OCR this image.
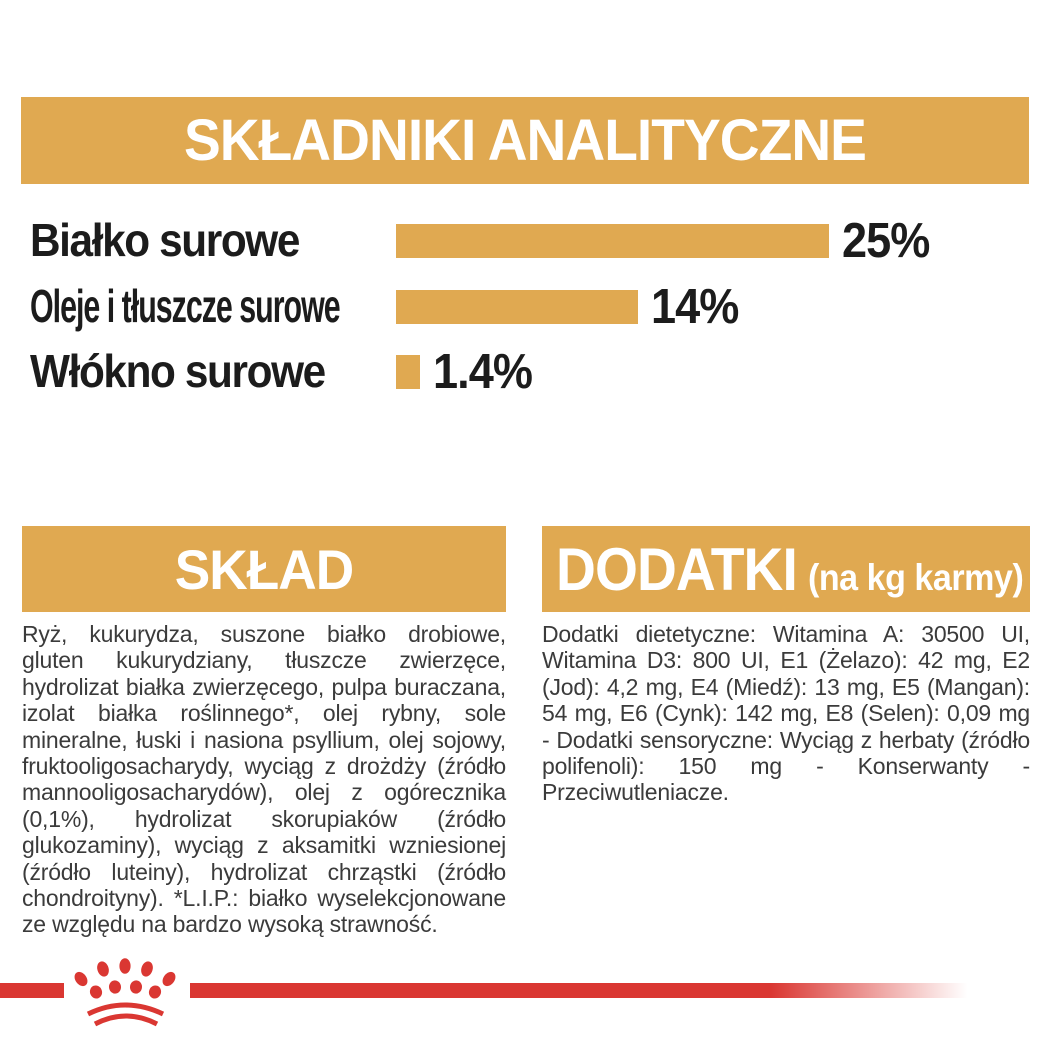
SKŁADNIKI ANALITYCZNE
Białko surowe	25%
Oleje i tłuszcze surowe	14%
Włókno surowe 1.4%
SKŁAD

Ryż, kukurydza, suszone białko drobiowe, gluten kukurydziany, tłuszcze zwierzęce, hydrolizat białka zwierzęcego, pulpa buraczana, izolat białka roślinnego*, olej rybny, sole mineralne, łuski i nasiona psyllium, olej sojowy, fruktooligosacharydy, wyciąg z drożdży (źródło mannooligosacharydów), olej z ogórecznika (0,1%), hydrolizat skorupiaków (źródło glukozaminy), wyciąg z aksamitki wzniesionej (źródło luteiny), hydrolizat chrząstki (źródło chondroityny). *L.I.P.: białko wyselekcjonowane ze względu na bardzo wysoką strawność.

DODATKI (na kg karmy)

Dodatki dietetyczne: Witamina A: 30500 UI, Witamina D3: 800 UI, E1 (Żelazo): 42 mg, E2 (Jod): 4,2 mg, E4 (Miedź): 13 mg, E5 (Mangan): 54 mg, E6 (Cynk): 142 mg, E8 (Selen): 0,09 mg - Dodatki sensoryczne: Wyciąg z herbaty (źródło polifenoli): 150 mg - Konserwanty - Przeciwutleniacze.
